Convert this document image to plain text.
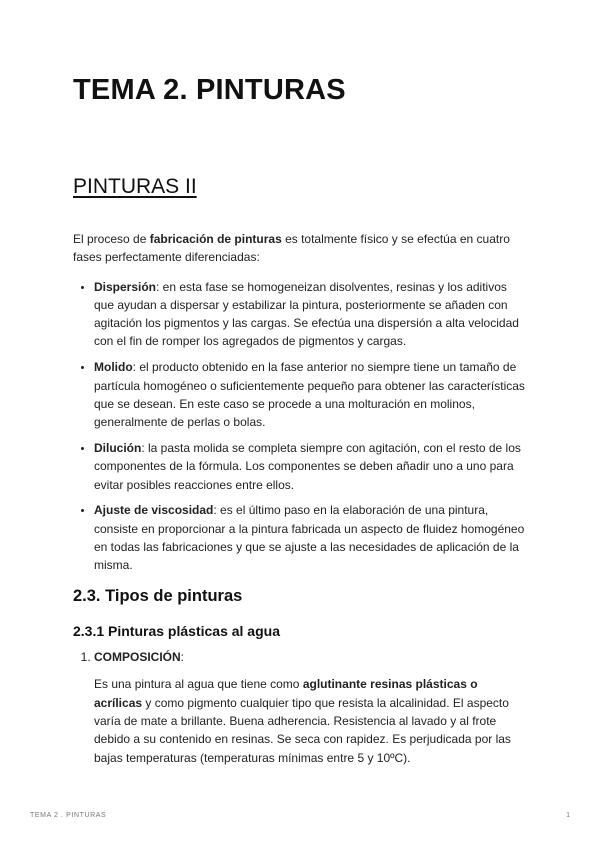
TEMA 2. PINTURAS
PINTURAS II

El proceso de fabricación de pinturas es totalmente físico y se efectúa en cuatro fases perfectamente diferenciadas:

• Dispersión: en esta fase se homogeneizan disolventes, resinas y los aditivos que ayudan a dispersar y estabilizar la pintura, posteriormente se añaden con agitación los pigmentos y las cargas. Se efectúa una dispersión a alta velocidad con el fin de romper los agregados de pigmentos y cargas.
• Molido: el producto obtenido en la fase anterior no siempre tiene un tamaño de partícula homogéneo o suficientemente pequeño para obtener las características que se desean. En este caso se procede a una molturación en molinos, generalmente de perlas o bolas.
• Dilución: la pasta molida se completa siempre con agitación, con el resto de los componentes de la fórmula. Los componentes se deben añadir uno a uno para evitar posibles reacciones entre ellos.
• Ajuste de viscosidad: es el último paso en la elaboración de una pintura, consiste en proporcionar a la pintura fabricada un aspecto de fluidez homogéneo en todas las fabricaciones y que se ajuste a las necesidades de aplicación de la misma.
2.3. Tipos de pinturas
2.3.1 Pinturas plásticas al agua

1. COMPOSICIÓN:

Es una pintura al agua que tiene como aglutinante resinas plásticas o acrílicas y como pigmento cualquier tipo que resista la alcalinidad. El aspecto varía de mate a brillante. Buena adherencia. Resistencia al lavado y al frote debido a su contenido en resinas. Se seca con rapidez. Es perjudicada por las bajas temperaturas (temperaturas mínimas entre 5 y 10ºC).

TEMA 2 . PINTURAS	1
